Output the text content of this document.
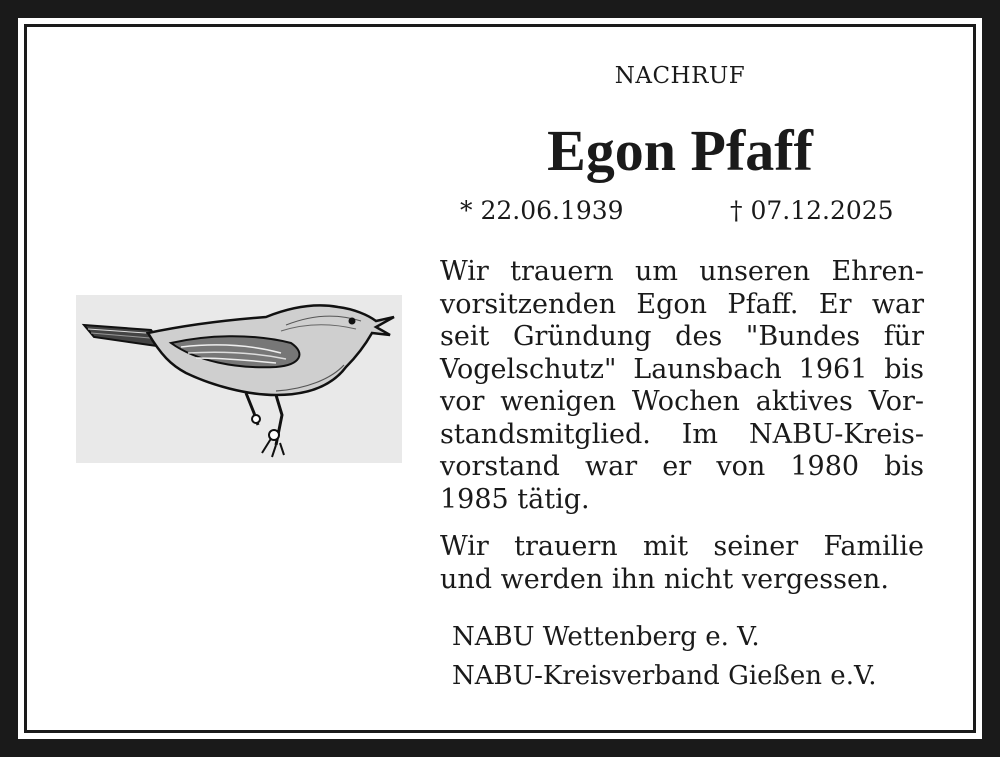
NACHRUF
Egon Pfaff
* 22.06.1939	† 07.12.2025
Wir trauern um unseren Ehren-
vorsitzenden Egon Pfaff. Er war
seit Gründung des "Bundes für
Vogelschutz" Launsbach 1961 bis
vor wenigen Wochen aktives Vor-
standsmitglied. Im NABU-Kreis-
vorstand war er von 1980 bis
1985 tätig.
Wir trauern mit seiner Familie
und werden ihn nicht vergessen.
NABU Wettenberg e. V.
NABU-Kreisverband Gießen e.V.
